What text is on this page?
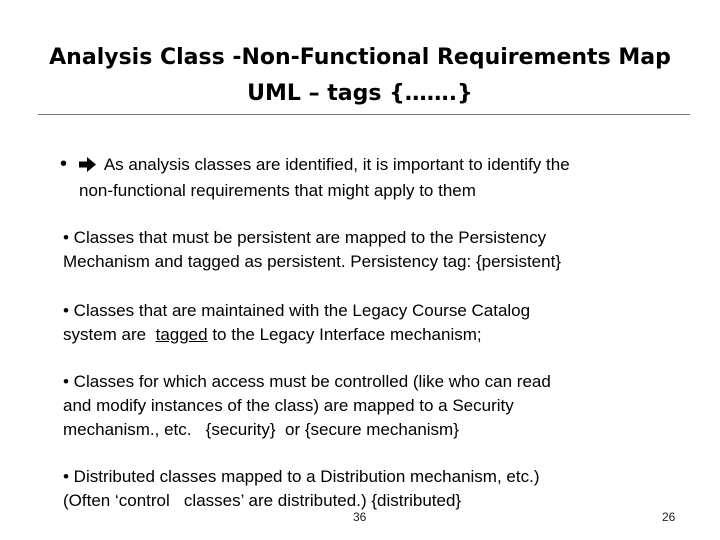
Analysis Class -Non-Functional Requirements Map
UML – tags {…….}
• As analysis classes are identified, it is important to identify the
non-functional requirements that might apply to them
• Classes that must be persistent are mapped to the Persistency
Mechanism and tagged as persistent. Persistency tag: {persistent}
• Classes that are maintained with the Legacy Course Catalog
system are  tagged to the Legacy Interface mechanism;
• Classes for which access must be controlled (like who can read
and modify instances of the class) are mapped to a Security
mechanism., etc.   {security}  or {secure mechanism}
• Distributed classes mapped to a Distribution mechanism, etc.)
(Often ‘control   classes’ are distributed.) {distributed}
36	26
